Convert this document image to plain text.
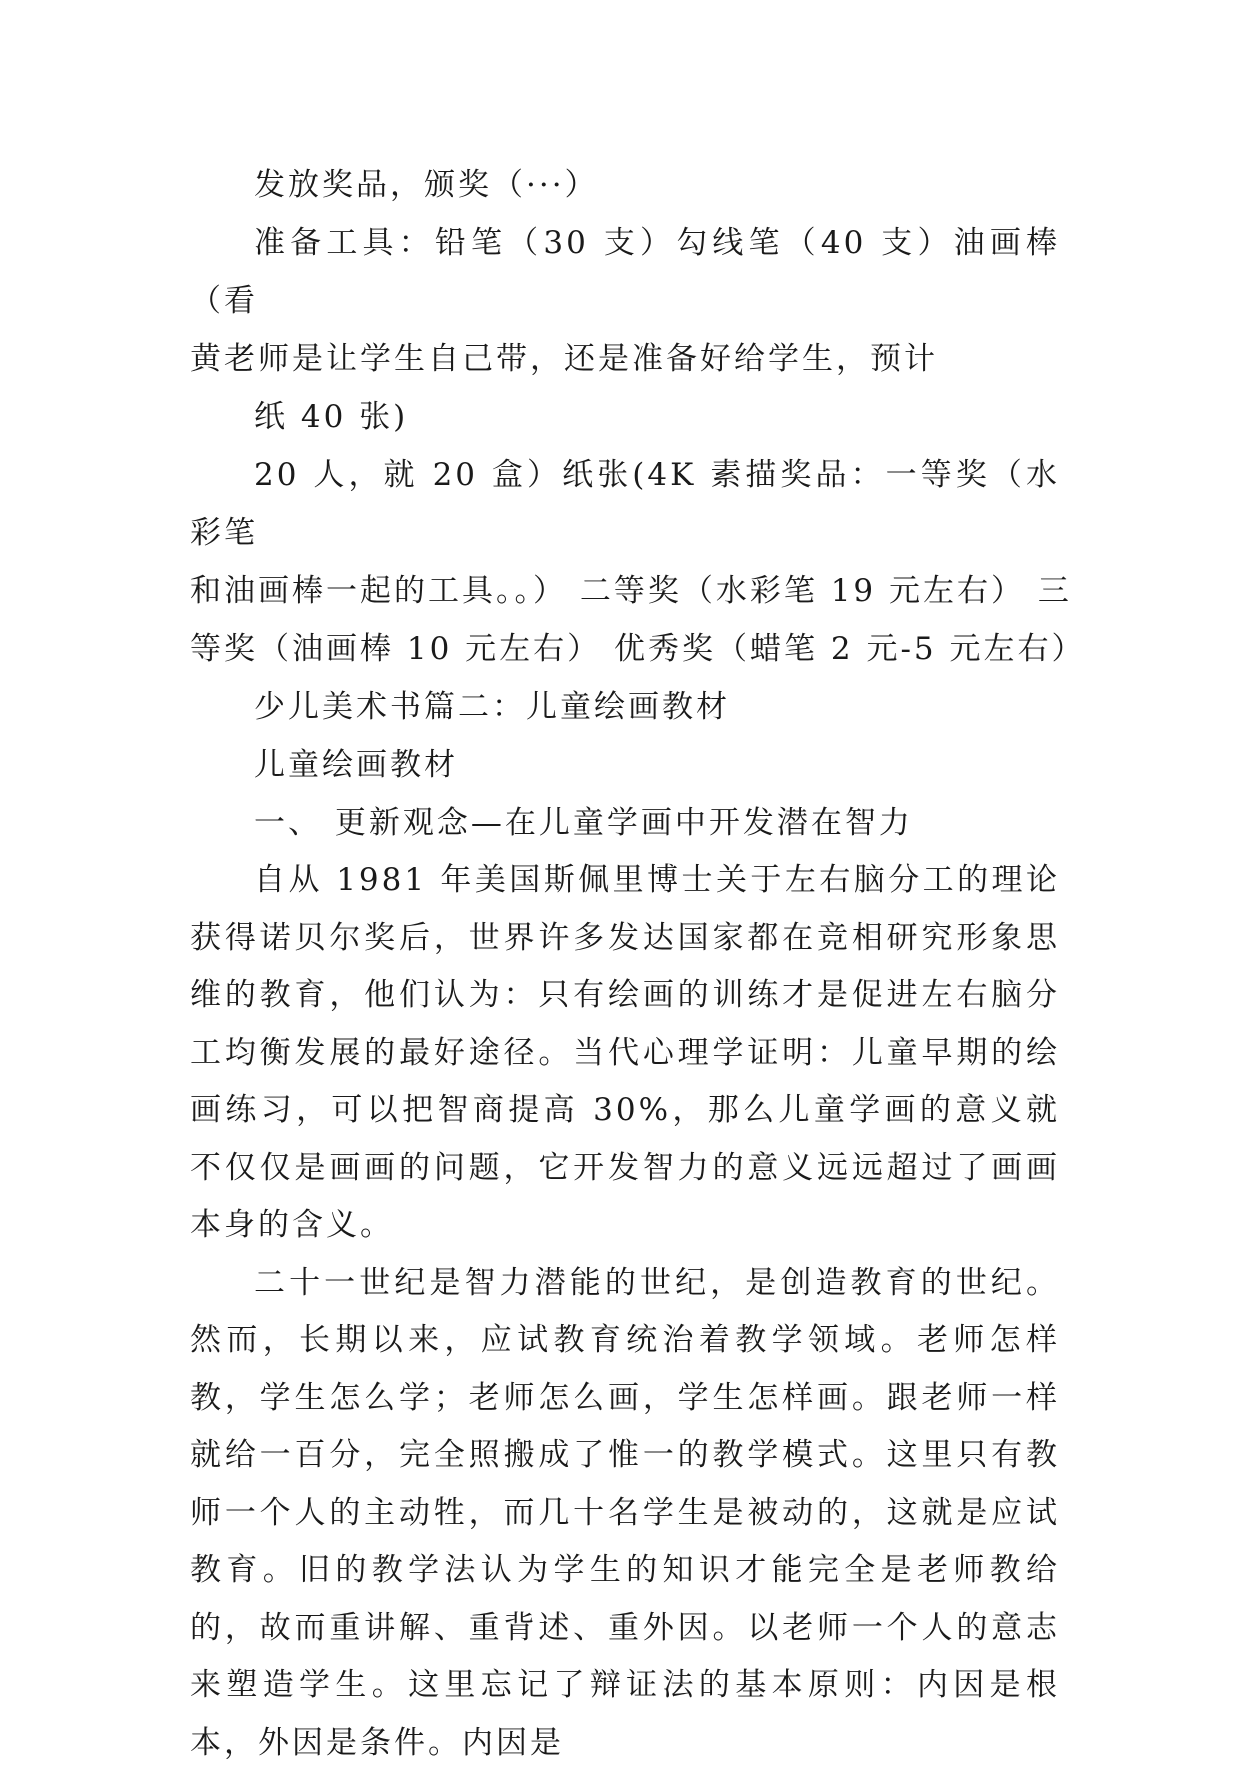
发放奖品，颁奖（···）

准备工具：铅笔（30 支）勾线笔（40 支）油画棒（看

黄老师是让学生自己带，还是准备好给学生，预计

纸 40 张)

20 人，就 20 盒）纸张(4K 素描奖品：一等奖（水彩笔

和油画棒一起的工具。。） 二等奖（水彩笔 19 元左右） 三

等奖（油画棒 10 元左右） 优秀奖（蜡笔 2 元-5 元左右）

少儿美术书篇二：儿童绘画教材

儿童绘画教材

一、 更新观念—在儿童学画中开发潜在智力

自从 1981 年美国斯佩里博士关于左右脑分工的理论获得诺贝尔奖后，世界许多发达国家都在竞相研究形象思维的教育，他们认为：只有绘画的训练才是促进左右脑分工均衡发展的最好途径。当代心理学证明：儿童早期的绘画练习，可以把智商提高 30%，那么儿童学画的意义就不仅仅是画画的问题，它开发智力的意义远远超过了画画本身的含义。

二十一世纪是智力潜能的世纪，是创造教育的世纪。然而，长期以来，应试教育统治着教学领域。老师怎样教，学生怎么学；老师怎么画，学生怎样画。跟老师一样就给一百分，完全照搬成了惟一的教学模式。这里只有教师一个人的主动牲，而几十名学生是被动的，这就是应试教育。旧的教学法认为学生的知识才能完全是老师教给的，故而重讲解、重背述、重外因。以老师一个人的意志来塑造学生。这里忘记了辩证法的基本原则：内因是根本，外因是条件。内因是
